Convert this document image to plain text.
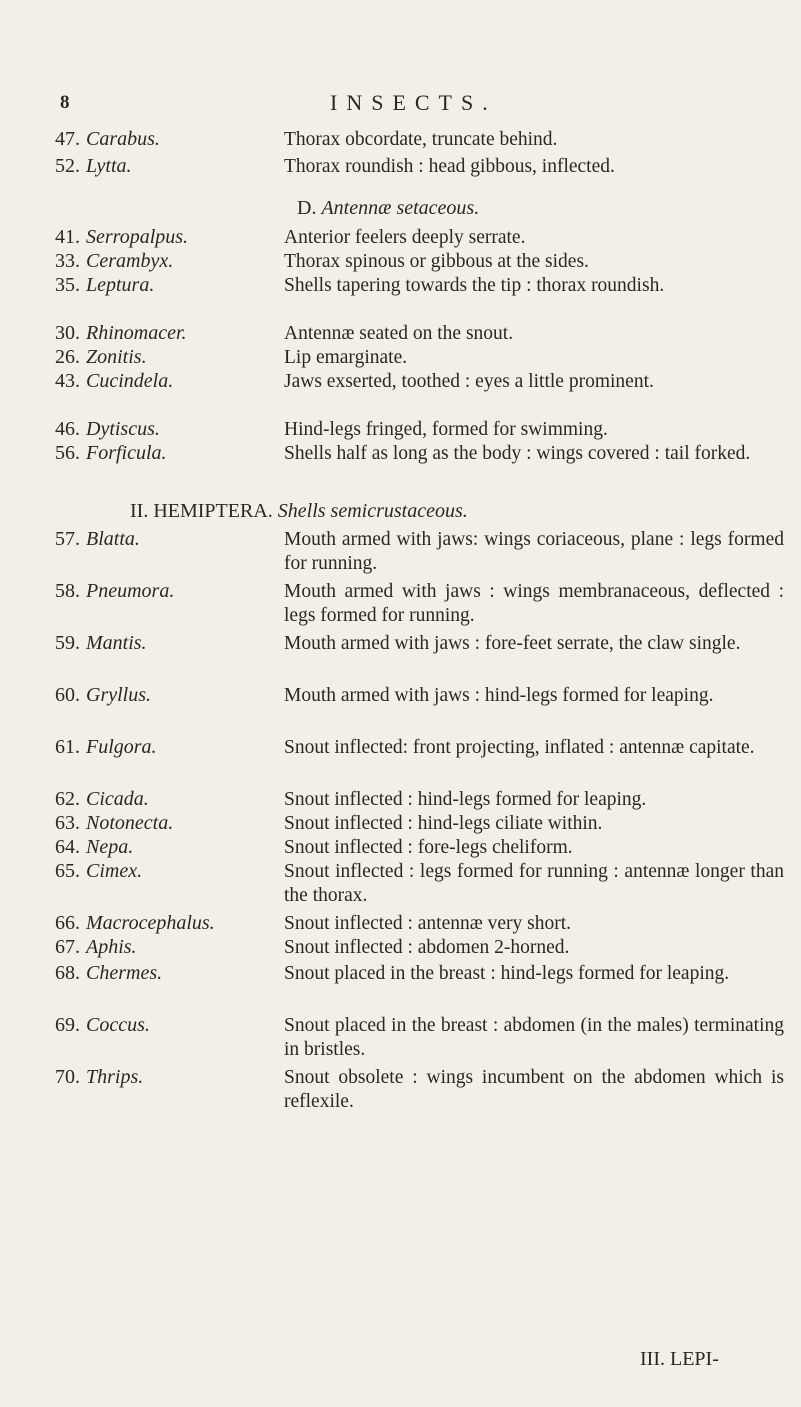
8	INSECTS.
47. Carabus.	Thorax obcordate, truncate behind.
52. Lytta.	Thorax roundish : head gibbous, inflected.
D. Antennæ setaceous.
41. Serropalpus.	Anterior feelers deeply serrate.
33. Cerambyx.	Thorax spinous or gibbous at the sides.
35. Leptura.	Shells tapering towards the tip : thorax roundish.
30. Rhinomacer.	Antennæ seated on the snout.
26. Zonitis.	Lip emarginate.
43. Cucindela.	Jaws exserted, toothed : eyes a little prominent.
46. Dytiscus.	Hind-legs fringed, formed for swimming.
56. Forficula.	Shells half as long as the body : wings covered : tail forked.
II. HEMIPTERA. Shells semicrustaceous.
57. Blatta.	Mouth armed with jaws: wings coriaceous, plane : legs formed for running.
58. Pneumora.	Mouth armed with jaws : wings membranaceous, deflected : legs formed for running.
59. Mantis.	Mouth armed with jaws : fore-feet serrate, the claw single.
60. Gryllus.	Mouth armed with jaws : hind-legs formed for leaping.
61. Fulgora.	Snout inflected: front projecting, inflated : antennæ capitate.
62. Cicada.	Snout inflected : hind-legs formed for leaping.
63. Notonecta.	Snout inflected : hind-legs ciliate within.
64. Nepa.	Snout inflected : fore-legs cheliform.
65. Cimex.	Snout inflected : legs formed for running : antennæ longer than the thorax.
66. Macrocephalus.	Snout inflected : antennæ very short.
67. Aphis.	Snout inflected : abdomen 2-horned.
68. Chermes.	Snout placed in the breast : hind-legs formed for leaping.
69. Coccus.	Snout placed in the breast : abdomen (in the males) terminating in bristles.
70. Thrips.	Snout obsolete : wings incumbent on the abdomen which is reflexile.
III. LEPI-
